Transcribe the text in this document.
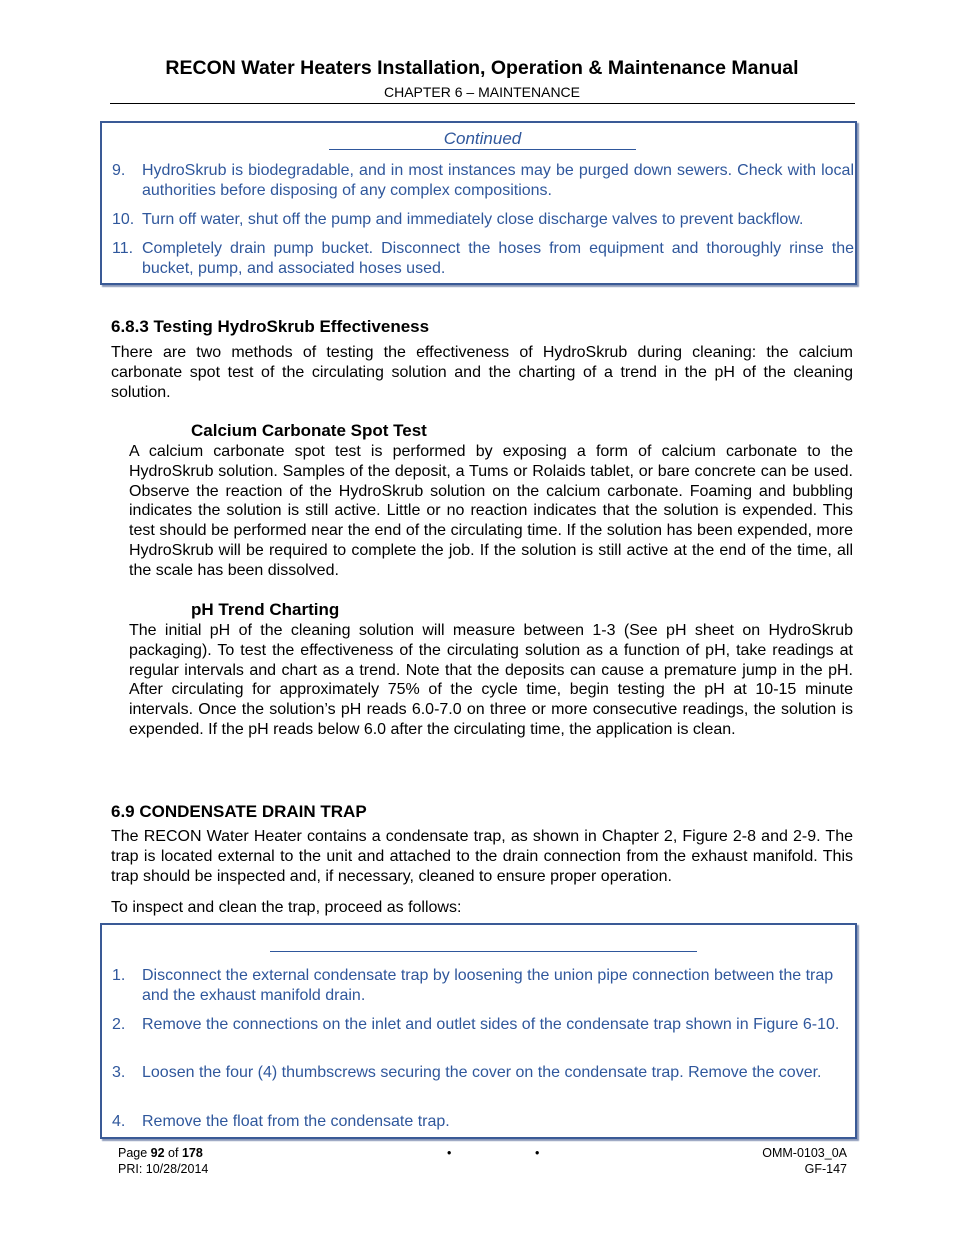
RECON Water Heaters Installation, Operation & Maintenance Manual
CHAPTER 6 – MAINTENANCE
Continued
9. HydroSkrub is biodegradable, and in most instances may be purged down sewers. Check with local authorities before disposing of any complex compositions.
10. Turn off water, shut off the pump and immediately close discharge valves to prevent backflow.
11. Completely drain pump bucket. Disconnect the hoses from equipment and thoroughly rinse the bucket, pump, and associated hoses used.
6.8.3 Testing HydroSkrub Effectiveness
There are two methods of testing the effectiveness of HydroSkrub during cleaning: the calcium carbonate spot test of the circulating solution and the charting of a trend in the pH of the cleaning solution.
Calcium Carbonate Spot Test
A calcium carbonate spot test is performed by exposing a form of calcium carbonate to the HydroSkrub solution. Samples of the deposit, a Tums or Rolaids tablet, or bare concrete can be used. Observe the reaction of the HydroSkrub solution on the calcium carbonate. Foaming and bubbling indicates the solution is still active. Little or no reaction indicates that the solution is expended. This test should be performed near the end of the circulating time. If the solution has been expended, more HydroSkrub will be required to complete the job. If the solution is still active at the end of the time, all the scale has been dissolved.
pH Trend Charting
The initial pH of the cleaning solution will measure between 1-3 (See pH sheet on HydroSkrub packaging). To test the effectiveness of the circulating solution as a function of pH, take readings at regular intervals and chart as a trend. Note that the deposits can cause a premature jump in the pH. After circulating for approximately 75% of the cycle time, begin testing the pH at 10-15 minute intervals. Once the solution’s pH reads 6.0-7.0 on three or more consecutive readings, the solution is expended. If the pH reads below 6.0 after the circulating time, the application is clean.
6.9 CONDENSATE DRAIN TRAP
The RECON Water Heater contains a condensate trap, as shown in Chapter 2, Figure 2-8 and 2-9. The trap is located external to the unit and attached to the drain connection from the exhaust manifold. This trap should be inspected and, if necessary, cleaned to ensure proper operation.
To inspect and clean the trap, proceed as follows:
1. Disconnect the external condensate trap by loosening the union pipe connection between the trap and the exhaust manifold drain.
2. Remove the connections on the inlet and outlet sides of the condensate trap shown in Figure 6-10.
3. Loosen the four (4) thumbscrews securing the cover on the condensate trap. Remove the cover.
4. Remove the float from the condensate trap.
Page 92 of 178
PRI: 10/28/2014
•	•	OMM-0103_0A
GF-147
